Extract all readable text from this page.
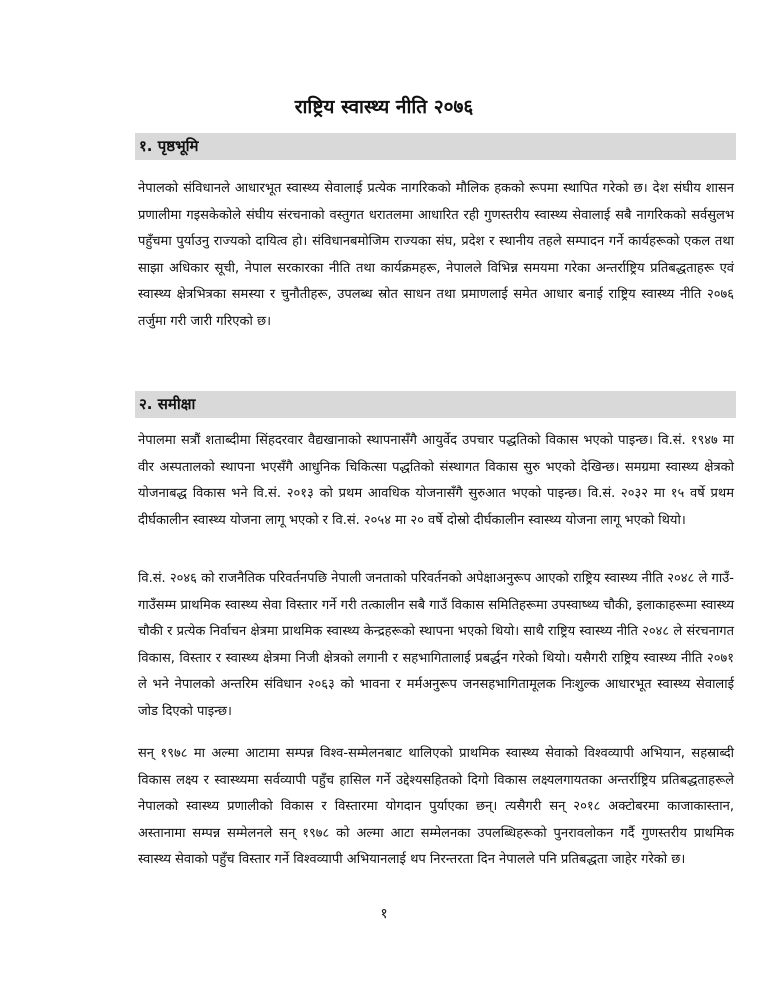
राष्ट्रिय स्वास्थ्य नीति २०७६
१. पृष्ठभूमि

नेपालको संविधानले आधारभूत स्वास्थ्य सेवालाई प्रत्येक नागरिकको मौलिक हकको रूपमा स्थापित गरेको छ। देश संघीय शासन प्रणालीमा गइसकेकोले संघीय संरचनाको वस्तुगत धरातलमा आधारित रही गुणस्तरीय स्वास्थ्य सेवालाई सबै नागरिकको सर्वसुलभ पहुँचमा पुर्याउनु राज्यको दायित्व हो। संविधानबमोजिम राज्यका संघ, प्रदेश र स्थानीय तहले सम्पादन गर्ने कार्यहरूको एकल तथा साझा अधिकार सूची, नेपाल सरकारका नीति तथा कार्यक्रमहरू, नेपालले विभिन्न समयमा गरेका अन्तर्राष्ट्रिय प्रतिबद्धताहरू एवं स्वास्थ्य क्षेत्रभित्रका समस्या र चुनौतीहरू, उपलब्ध स्रोत साधन तथा प्रमाणलाई समेत आधार बनाई राष्ट्रिय स्वास्थ्य नीति २०७६ तर्जुमा गरी जारी गरिएको छ।

२. समीक्षा

नेपालमा सत्रौं शताब्दीमा सिंहदरवार वैद्यखानाको स्थापनासँगै आयुर्वेद उपचार पद्धतिको विकास भएको पाइन्छ। वि.सं. १९४७ मा वीर अस्पतालको स्थापना भएसँगै आधुनिक चिकित्सा पद्धतिको संस्थागत विकास सुरु भएको देखिन्छ। समग्रमा स्वास्थ्य क्षेत्रको योजनाबद्ध विकास भने वि.सं. २०१३ को प्रथम आवधिक योजनासँगै सुरुआत भएको पाइन्छ। वि.सं. २०३२ मा १५ वर्षे प्रथम दीर्घकालीन स्वास्थ्य योजना लागू भएको र वि.सं. २०५४ मा २० वर्षे दोस्रो दीर्घकालीन स्वास्थ्य योजना लागू भएको थियो।

वि.सं. २०४६ को राजनैतिक परिवर्तनपछि नेपाली जनताको परिवर्तनको अपेक्षाअनुरूप आएको राष्ट्रिय स्वास्थ्य नीति २०४८ ले गाउँ-गाउँसम्म प्राथमिक स्वास्थ्य सेवा विस्तार गर्ने गरी तत्कालीन सबै गाउँ विकास समितिहरूमा उपस्वाष्थ्य चौकी, इलाकाहरूमा स्वास्थ्य चौकी र प्रत्येक निर्वाचन क्षेत्रमा प्राथमिक स्वास्थ्य केन्द्रहरूको स्थापना भएको थियो। साथै राष्ट्रिय स्वास्थ्य नीति २०४८ ले संरचनागत विकास, विस्तार र स्वास्थ्य क्षेत्रमा निजी क्षेत्रको लगानी र सहभागितालाई प्रबर्द्धन गरेको थियो। यसैगरी राष्ट्रिय स्वास्थ्य नीति २०७१ ले भने नेपालको अन्तरिम संविधान २०६३ को भावना र मर्मअनुरूप जनसहभागितामूलक निःशुल्क आधारभूत स्वास्थ्य सेवालाई जोड दिएको पाइन्छ।

सन् १९७८ मा अल्मा आटामा सम्पन्न विश्व-सम्मेलनबाट थालिएको प्राथमिक स्वास्थ्य सेवाको विश्वव्यापी अभियान, सहस्राब्दी विकास लक्ष्य र स्वास्थ्यमा सर्वव्यापी पहुँच हासिल गर्ने उद्देश्यसहितको दिगो विकास लक्ष्यलगायतका अन्तर्राष्ट्रिय प्रतिबद्धताहरूले नेपालको स्वास्थ्य प्रणालीको विकास र विस्तारमा योगदान पुर्याएका छन्। त्यसैगरी सन् २०१८ अक्टोबरमा काजाकास्तान, अस्तानामा सम्पन्न सम्मेलनले सन् १९७८ को अल्मा आटा सम्मेलनका उपलब्धिहरूको पुनरावलोकन गर्दै गुणस्तरीय प्राथमिक स्वास्थ्य सेवाको पहुँच विस्तार गर्ने विश्वव्यापी अभियानलाई थप निरन्तरता दिन नेपालले पनि प्रतिबद्धता जाहेर गरेको छ।

१
